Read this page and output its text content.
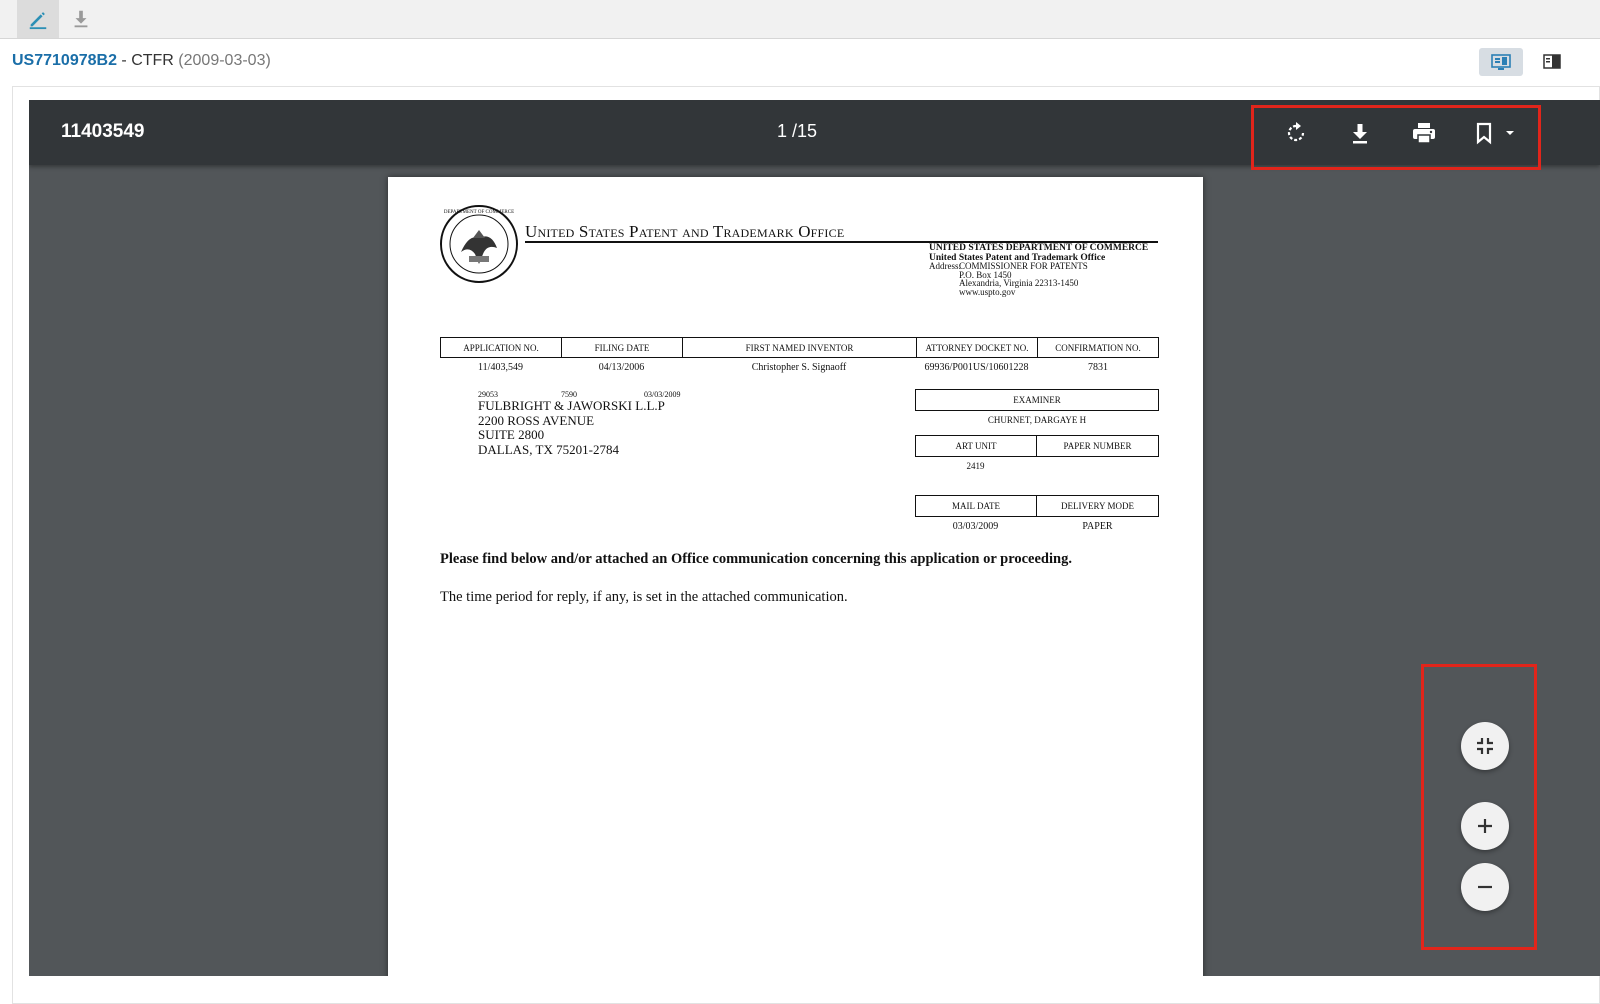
US7710978B2 - CTFR (2009-03-03)
11403549	1 /15
DEPARTMENT OF COMMERCE
United States Patent and Trademark Office
UNITED STATES DEPARTMENT OF COMMERCE
United States Patent and Trademark Office
Address:COMMISSIONER FOR PATENTS
P.O. Box 1450
Alexandria, Virginia 22313-1450
www.uspto.gov
APPLICATION NO.	FILING DATE	FIRST NAMED INVENTOR	ATTORNEY DOCKET NO.	CONFIRMATION NO.
11/403,549	04/13/2006	Christopher S. Signaoff	69936/P001US/10601228	7831
29053	7590	03/03/2009
FULBRIGHT & JAWORSKI L.L.P
2200 ROSS AVENUE
SUITE 2800
DALLAS, TX 75201-2784
EXAMINER
CHURNET, DARGAYE H
ART UNIT	PAPER NUMBER
2419
MAIL DATE	DELIVERY MODE
03/03/2009	PAPER
Please find below and/or attached an Office communication concerning this application or proceeding.
The time period for reply, if any, is set in the attached communication.
